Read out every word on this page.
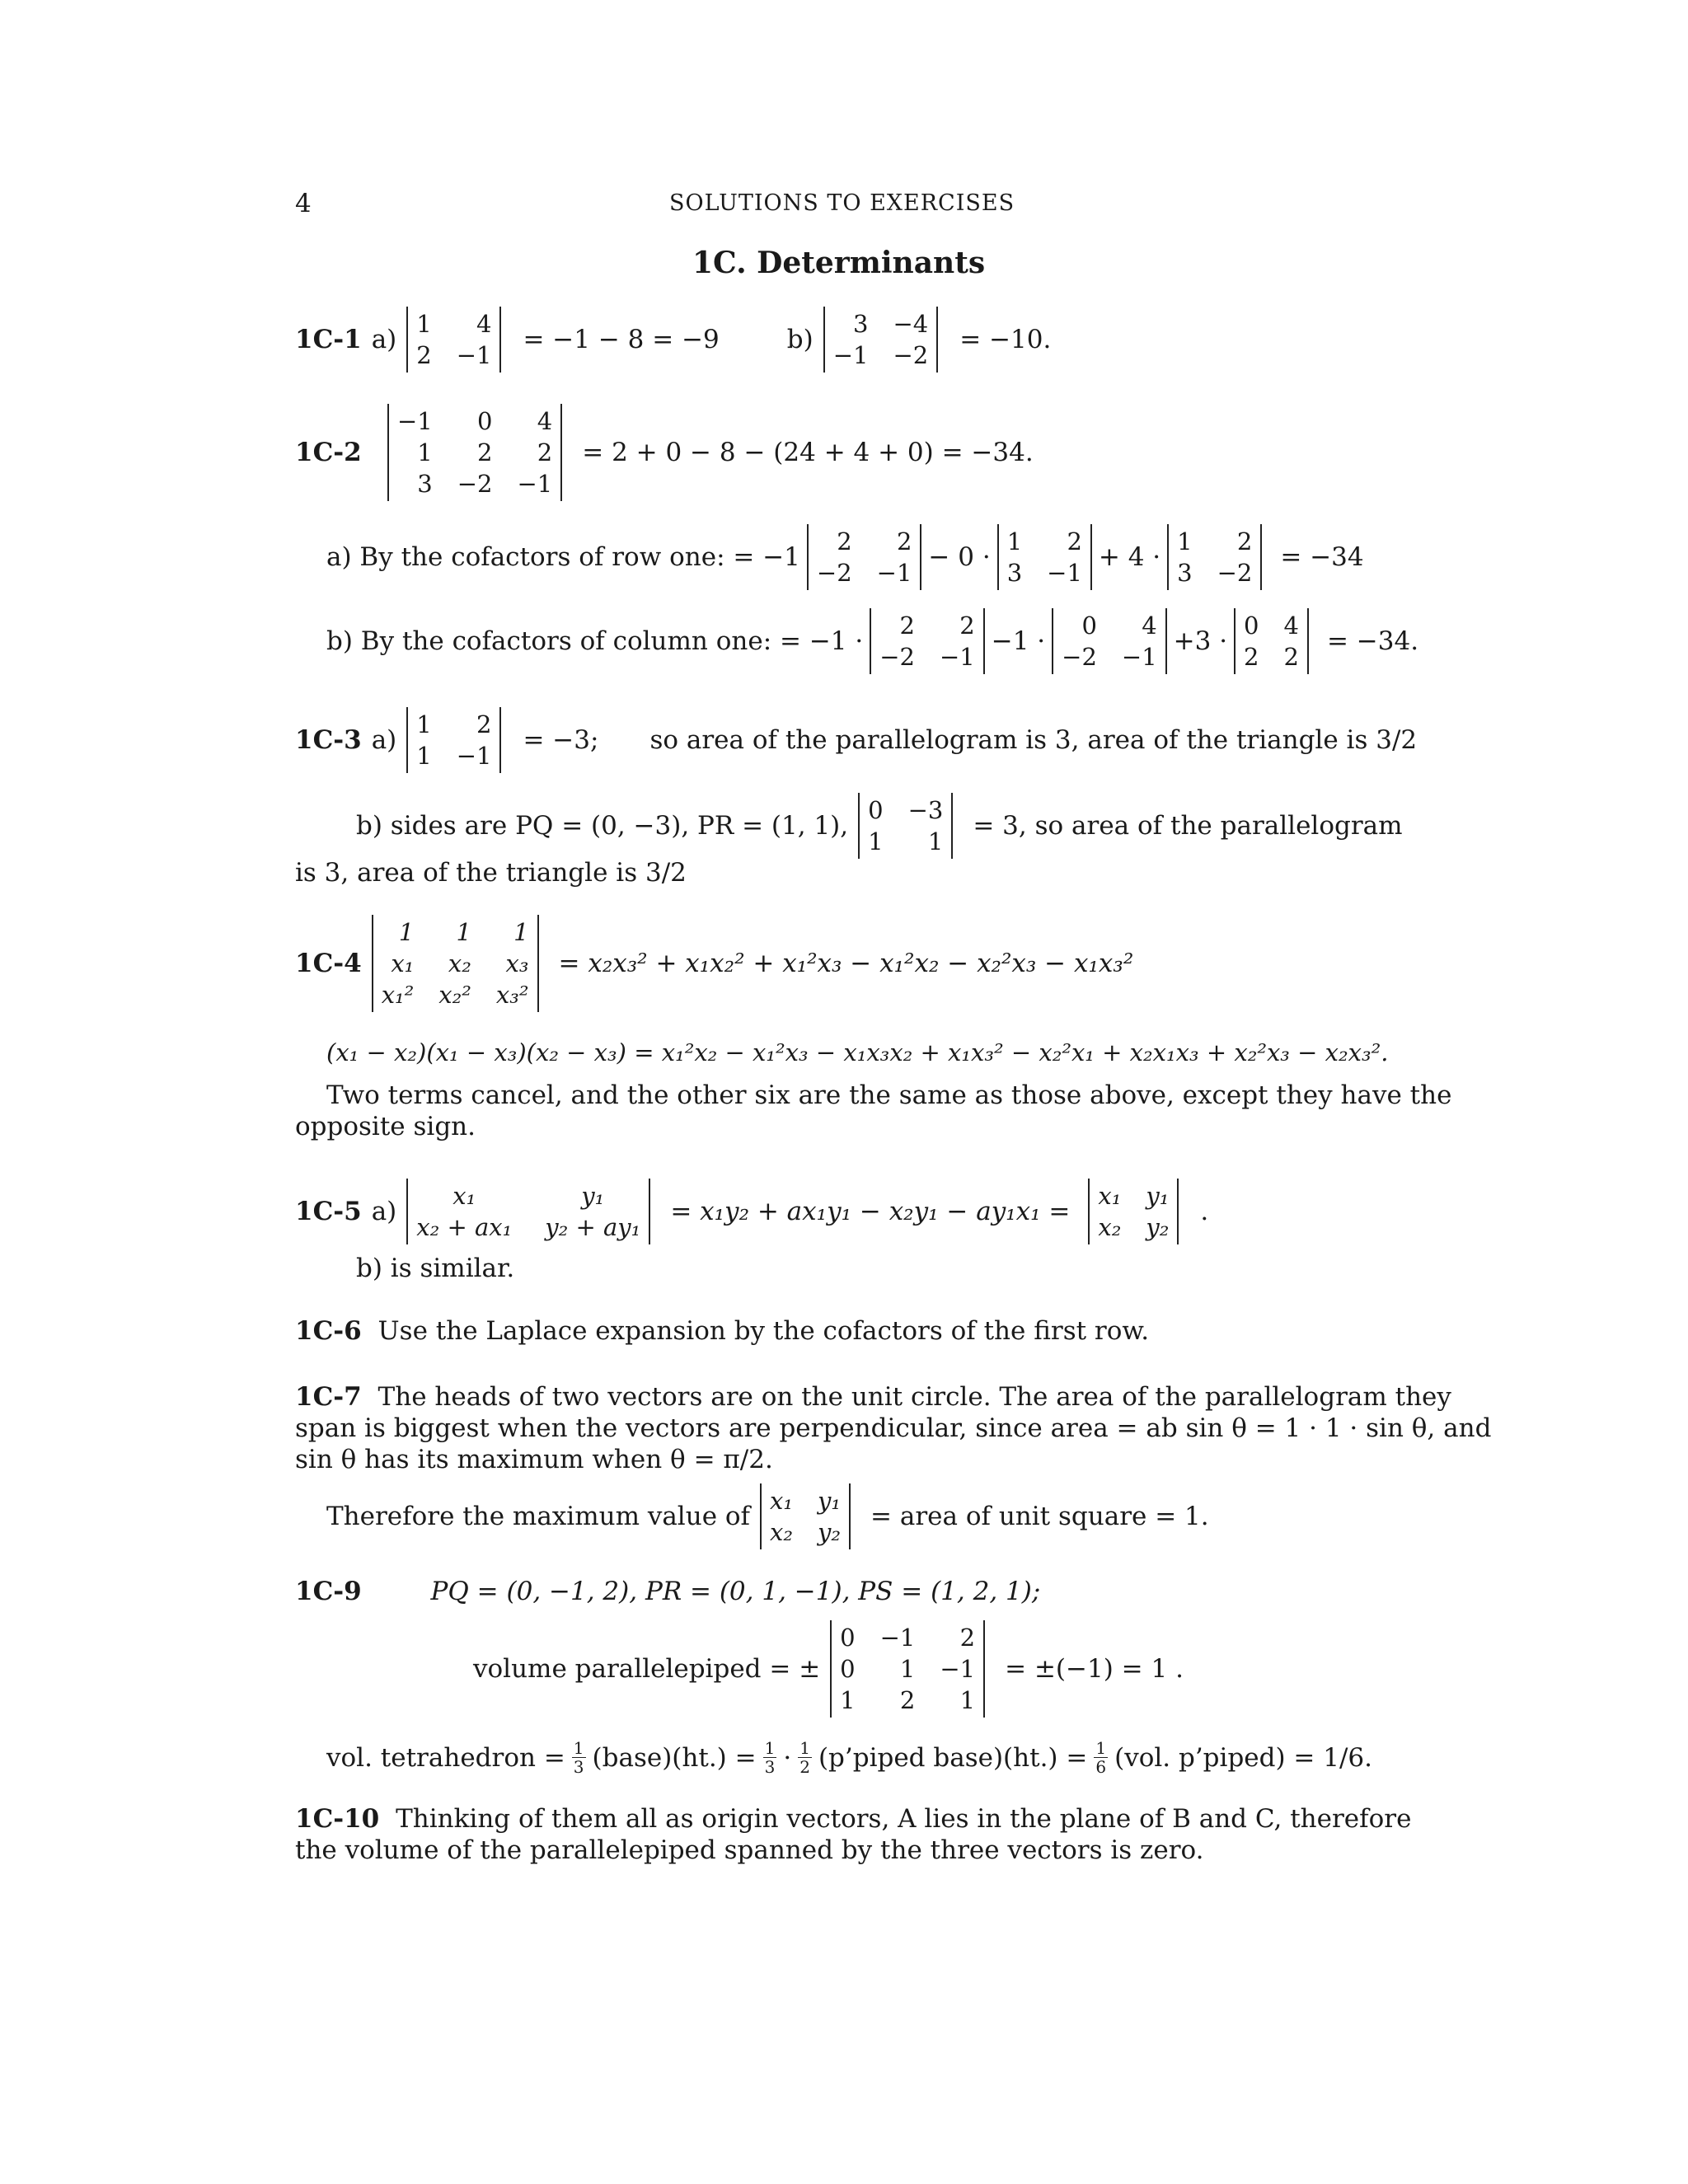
4	SOLUTIONS TO EXERCISES
1C. Determinants
1C-1 a)
1	4
2 −1
= −1 − 8 = −9	b)
3 −4
−1 −2
= −10.
1C-2
−1	0	4
1	2	2
3 −2 −1
= 2 + 0 − 8 − (24 + 4 + 0) = −34.
a) By the cofactors of row one: = −1
2	2
−2 −1
− 0 ·
1	2
3 −1
+ 4 ·
1	2
3 −2
= −34
b) By the cofactors of column one: = −1 ·
2	2
−2 −1
−1 ·
0	4
−2 −1
+3 ·
0 4
2 2
= −34.
1C-3 a)
1	2
1 −1
= −3; so area of the parallelogram is 3, area of the triangle is 3/2
b) sides are PQ = (0, −3), PR = (1, 1),
0 −3
1	1
= 3, so area of the parallelogram
is 3, area of the triangle is 3/2
1C-4
1	1	1
x₁	x₂	x₃
x₁² x₂² x₃²
= x₂x₃² + x₁x₂² + x₁²x₃ − x₁²x₂ − x₂²x₃ − x₁x₃²
(x₁ − x₂)(x₁ − x₃)(x₂ − x₃) = x₁²x₂ − x₁²x₃ − x₁x₃x₂ + x₁x₃² − x₂²x₁ + x₂x₁x₃ + x₂²x₃ − x₂x₃².
Two terms cancel, and the other six are the same as those above, except they have the
opposite sign.
1C-5 a)
x₁	y₁
x₂ + ax₁ y₂ + ay₁
= x₁y₂ + ax₁y₁ − x₂y₁ − ay₁x₁ =
x₁ y₁
x₂ y₂
.
b) is similar.
1C-6 Use the Laplace expansion by the cofactors of the first row.
1C-7 The heads of two vectors are on the unit circle. The area of the parallelogram they
span is biggest when the vectors are perpendicular, since area = ab sin θ = 1 · 1 · sin θ, and
sin θ has its maximum when θ = π/2.
Therefore the maximum value of
x₁ y₁
x₂ y₂
= area of unit square = 1.
1C-9	PQ = (0, −1, 2), PR = (0, 1, −1), PS = (1, 2, 1);
volume parallelepiped = ±
0 −1	2
0	1 −1
1	2	1
= ±(−1) = 1 .
vol. tetrahedron = $\frac{1}{3}$ (base)(ht.) = $\frac{1}{3} \cdot \frac{1}{2}$ (p’piped base)(ht.) = $\frac{1}{6} (vol$. p’piped) = 1/6.
1C-10 Thinking of them all as origin vectors, A lies in the plane of B and C, therefore
the volume of the parallelepiped spanned by the three vectors is zero.
